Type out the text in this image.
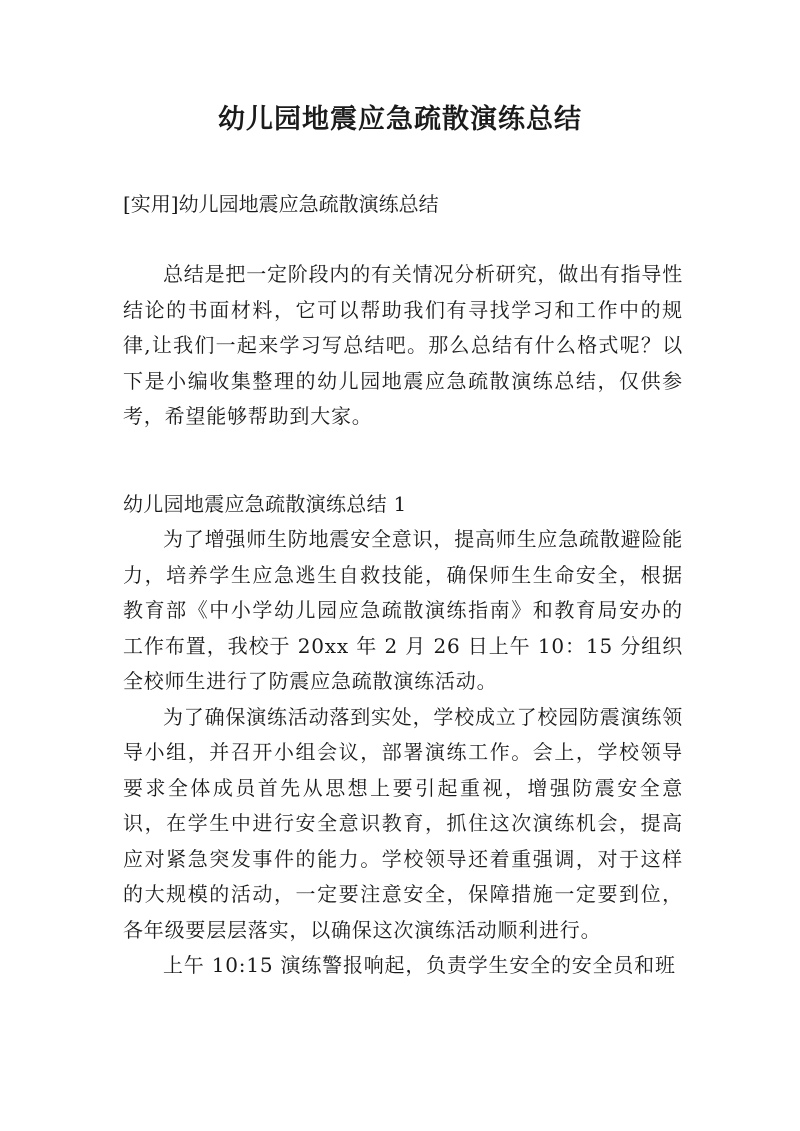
幼儿园地震应急疏散演练总结

[实用]幼儿园地震应急疏散演练总结

总结是把一定阶段内的有关情况分析研究，做出有指导性结论的书面材料，它可以帮助我们有寻找学习和工作中的规律,让我们一起来学习写总结吧。那么总结有什么格式呢？以下是小编收集整理的幼儿园地震应急疏散演练总结，仅供参考，希望能够帮助到大家。

幼儿园地震应急疏散演练总结 1

为了增强师生防地震安全意识，提高师生应急疏散避险能力，培养学生应急逃生自救技能，确保师生生命安全，根据教育部《中小学幼儿园应急疏散演练指南》和教育局安办的工作布置，我校于 20xx 年 2 月 26 日上午 10：15 分组织全校师生进行了防震应急疏散演练活动。

为了确保演练活动落到实处，学校成立了校园防震演练领导小组，并召开小组会议，部署演练工作。会上，学校领导要求全体成员首先从思想上要引起重视，增强防震安全意识，在学生中进行安全意识教育，抓住这次演练机会，提高应对紧急突发事件的能力。学校领导还着重强调，对于这样的大规模的活动，一定要注意安全，保障措施一定要到位，各年级要层层落实，以确保这次演练活动顺利进行。

上午 10:15 演练警报响起，负责学生安全的安全员和班
